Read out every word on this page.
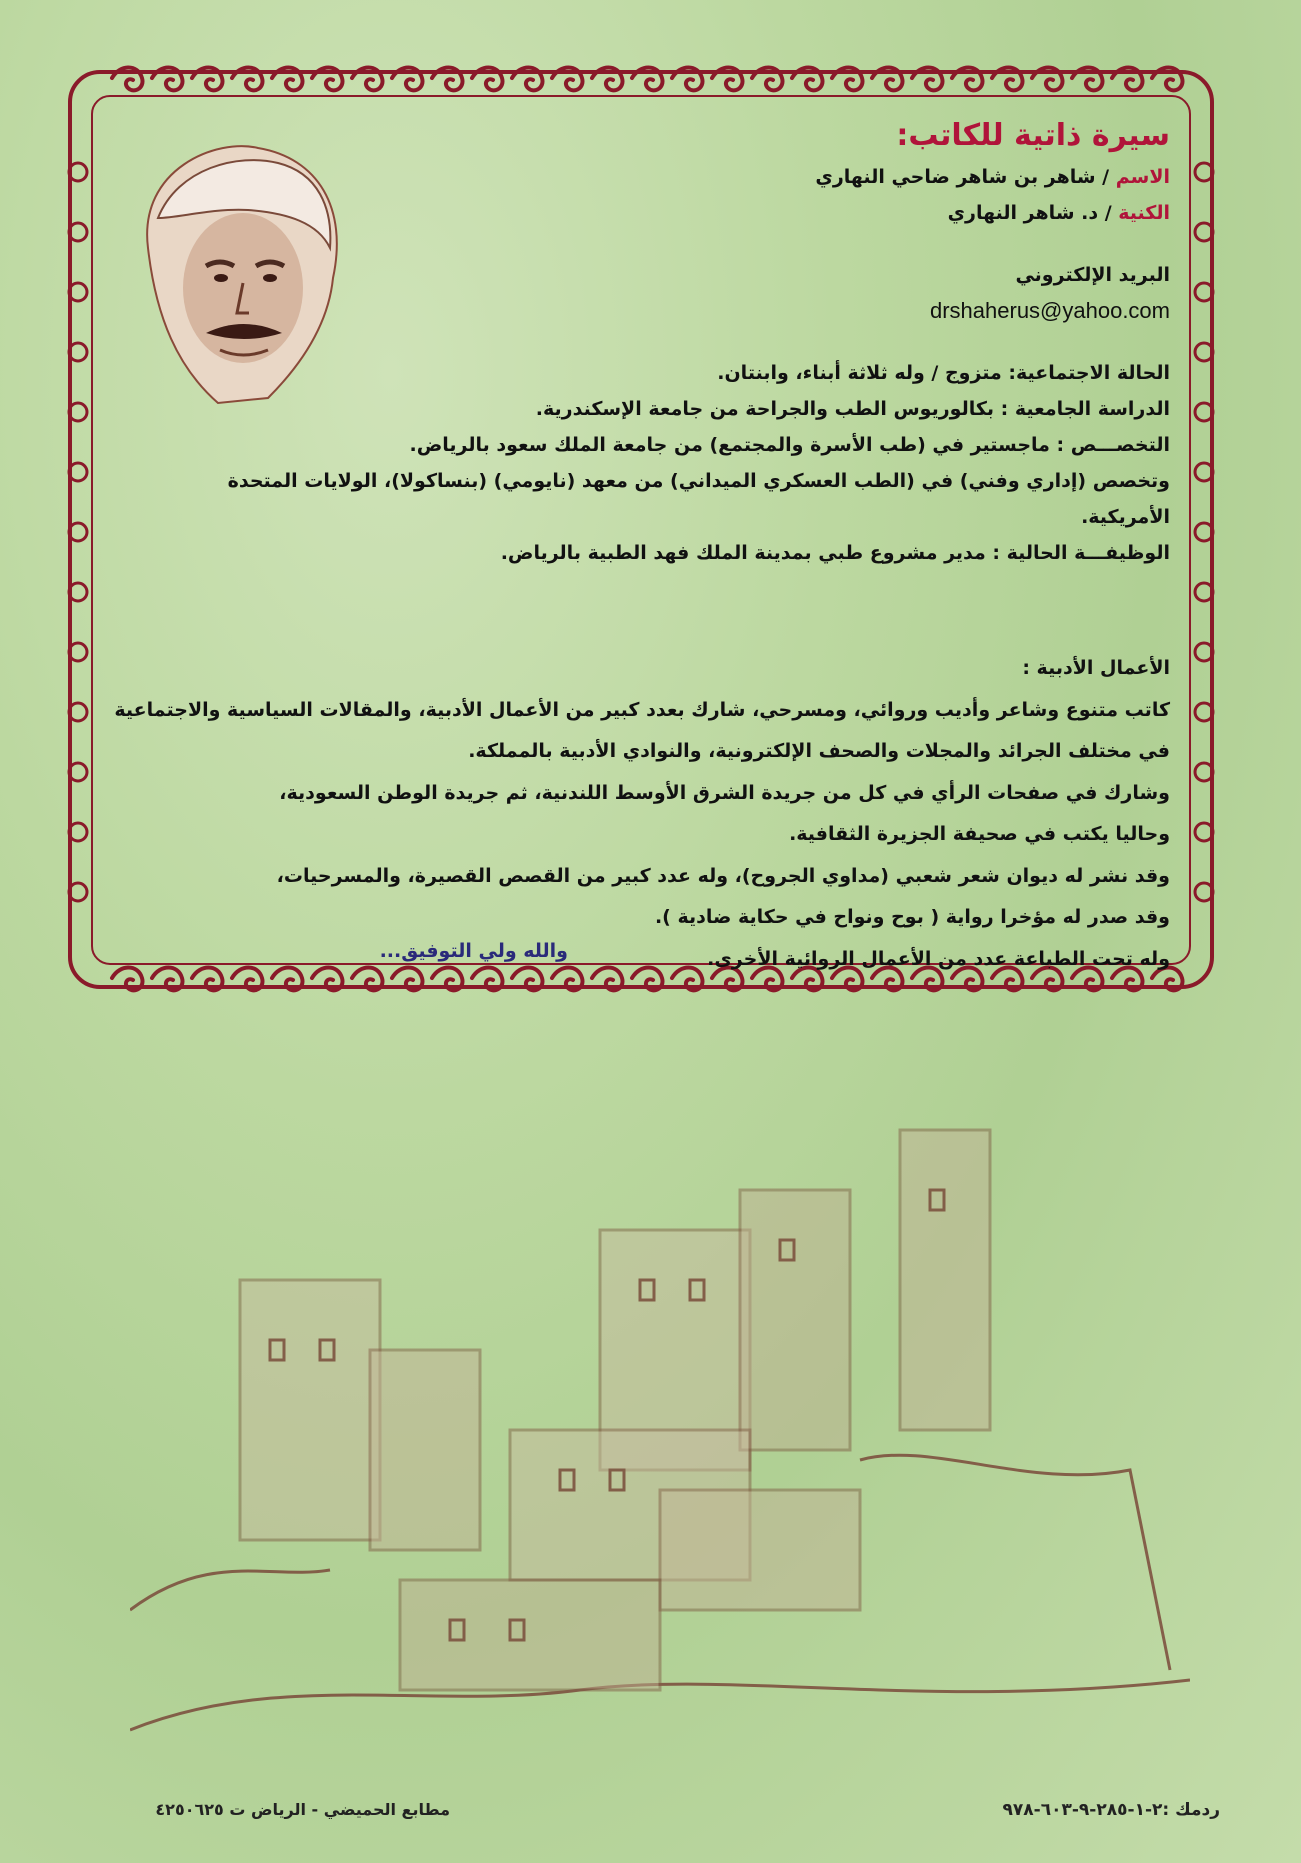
سيرة ذاتية للكاتب:
الاسم / شاهر بن شاهر ضاحي النهاري
الكنية / د. شاهر النهاري
البريد الإلكتروني
drshaherus@yahoo.com
الحالة الاجتماعية: متزوج / وله ثلاثة أبناء، وابنتان.
الدراسة الجامعية : بكالوريوس الطب والجراحة من جامعة الإسكندرية.
التخصـــص : ماجستير في (طب الأسرة والمجتمع) من جامعة الملك سعود بالرياض.
وتخصص (إداري وفني) في (الطب العسكري الميداني) من معهد (نايومي) (بنساكولا)، الولايات المتحدة الأمريكية.
الوظيفـــة الحالية : مدير مشروع طبي بمدينة الملك فهد الطبية بالرياض.
الأعمال الأدبية :
كاتب متنوع وشاعر وأديب وروائي، ومسرحي، شارك بعدد كبير من الأعمال الأدبية، والمقالات السياسية والاجتماعية
في مختلف الجرائد والمجلات والصحف الإلكترونية، والنوادي الأدبية بالمملكة.
وشارك في صفحات الرأي في كل من جريدة الشرق الأوسط اللندنية، ثم جريدة الوطن السعودية،
وحاليا يكتب في صحيفة الجزيرة الثقافية.
وقد نشر له ديوان شعر شعبي (مداوي الجروح)، وله عدد كبير من القصص القصيرة، والمسرحيات،
وقد صدر له مؤخرا رواية ( بوح ونواح في حكاية ضادية ).
وله تحت الطباعة عدد من الأعمال الروائية الأخرى.
والله ولي التوفيق...
مطابع الحميضي - الرياض ت ٤٢٥٠٦٢٥	ردمك :٢-١-٢٨٥-٩-٦٠٣-٩٧٨
